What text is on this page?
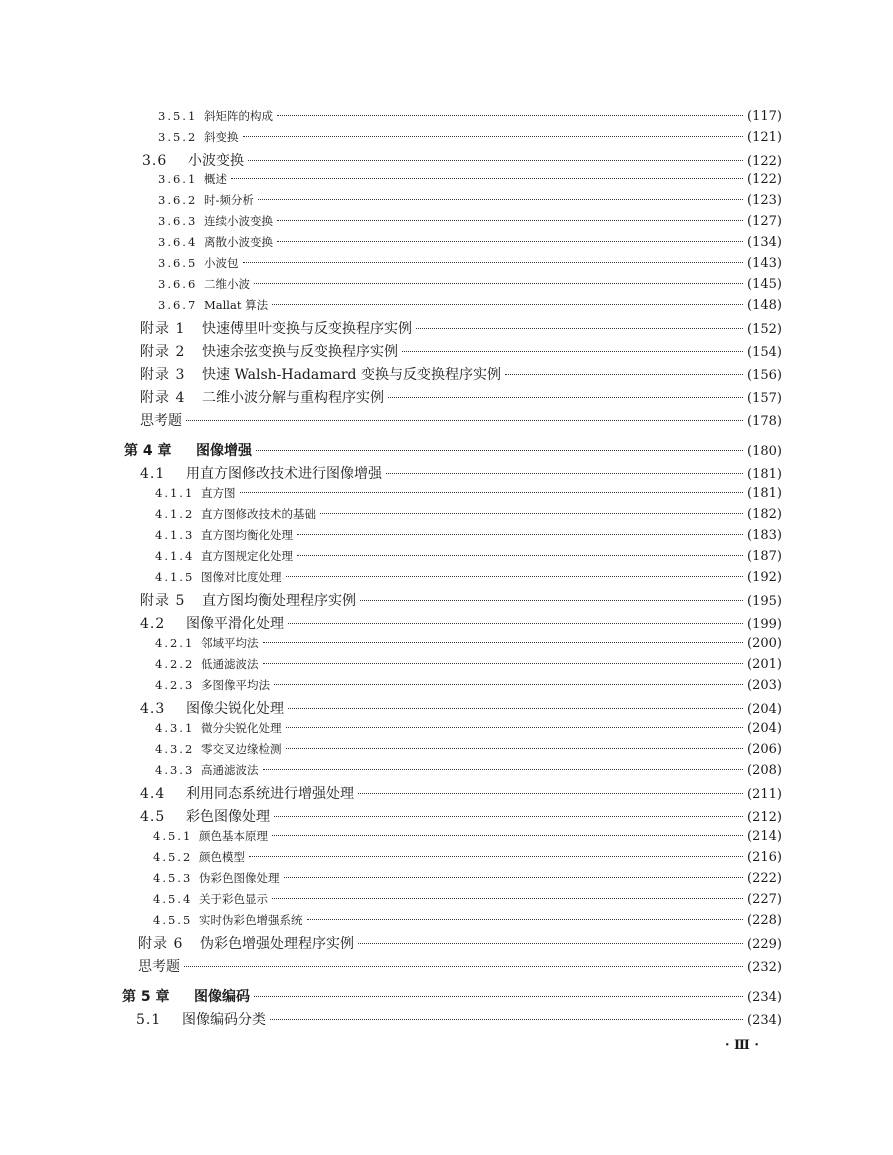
3.5.1 斜矩阵的构成	(117)
3.5.2 斜变换	(121)
3.6	小波变换	(122)
3.6.1 概述	(122)
3.6.2 时-频分析	(123)
3.6.3 连续小波变换	(127)
3.6.4 离散小波变换	(134)
3.6.5 小波包	(143)
3.6.6 二维小波	(145)
3.6.7 Mallat 算法	(148)
附录 1	快速傅里叶变换与反变换程序实例	(152)
附录 2	快速余弦变换与反变换程序实例	(154)
附录 3	快速 Walsh-Hadamard 变换与反变换程序实例	(156)
附录 4	二维小波分解与重构程序实例	(157)
思考题	(178)
第 4 章	图像增强	(180)
4.1	用直方图修改技术进行图像增强	(181)
4.1.1 直方图	(181)
4.1.2 直方图修改技术的基础	(182)
4.1.3 直方图均衡化处理	(183)
4.1.4 直方图规定化处理	(187)
4.1.5 图像对比度处理	(192)
附录 5	直方图均衡处理程序实例	(195)
4.2	图像平滑化处理	(199)
4.2.1 邻域平均法	(200)
4.2.2 低通滤波法	(201)
4.2.3 多图像平均法	(203)
4.3	图像尖锐化处理	(204)
4.3.1 微分尖锐化处理	(204)
4.3.2 零交叉边缘检测	(206)
4.3.3 高通滤波法	(208)
4.4	利用同态系统进行增强处理	(211)
4.5	彩色图像处理	(212)
4.5.1 颜色基本原理	(214)
4.5.2 颜色模型	(216)
4.5.3 伪彩色图像处理	(222)
4.5.4 关于彩色显示	(227)
4.5.5 实时伪彩色增强系统	(228)
附录 6	伪彩色增强处理程序实例	(229)
思考题	(232)
第 5 章	图像编码	(234)
5.1	图像编码分类	(234)
· Ⅲ ·
